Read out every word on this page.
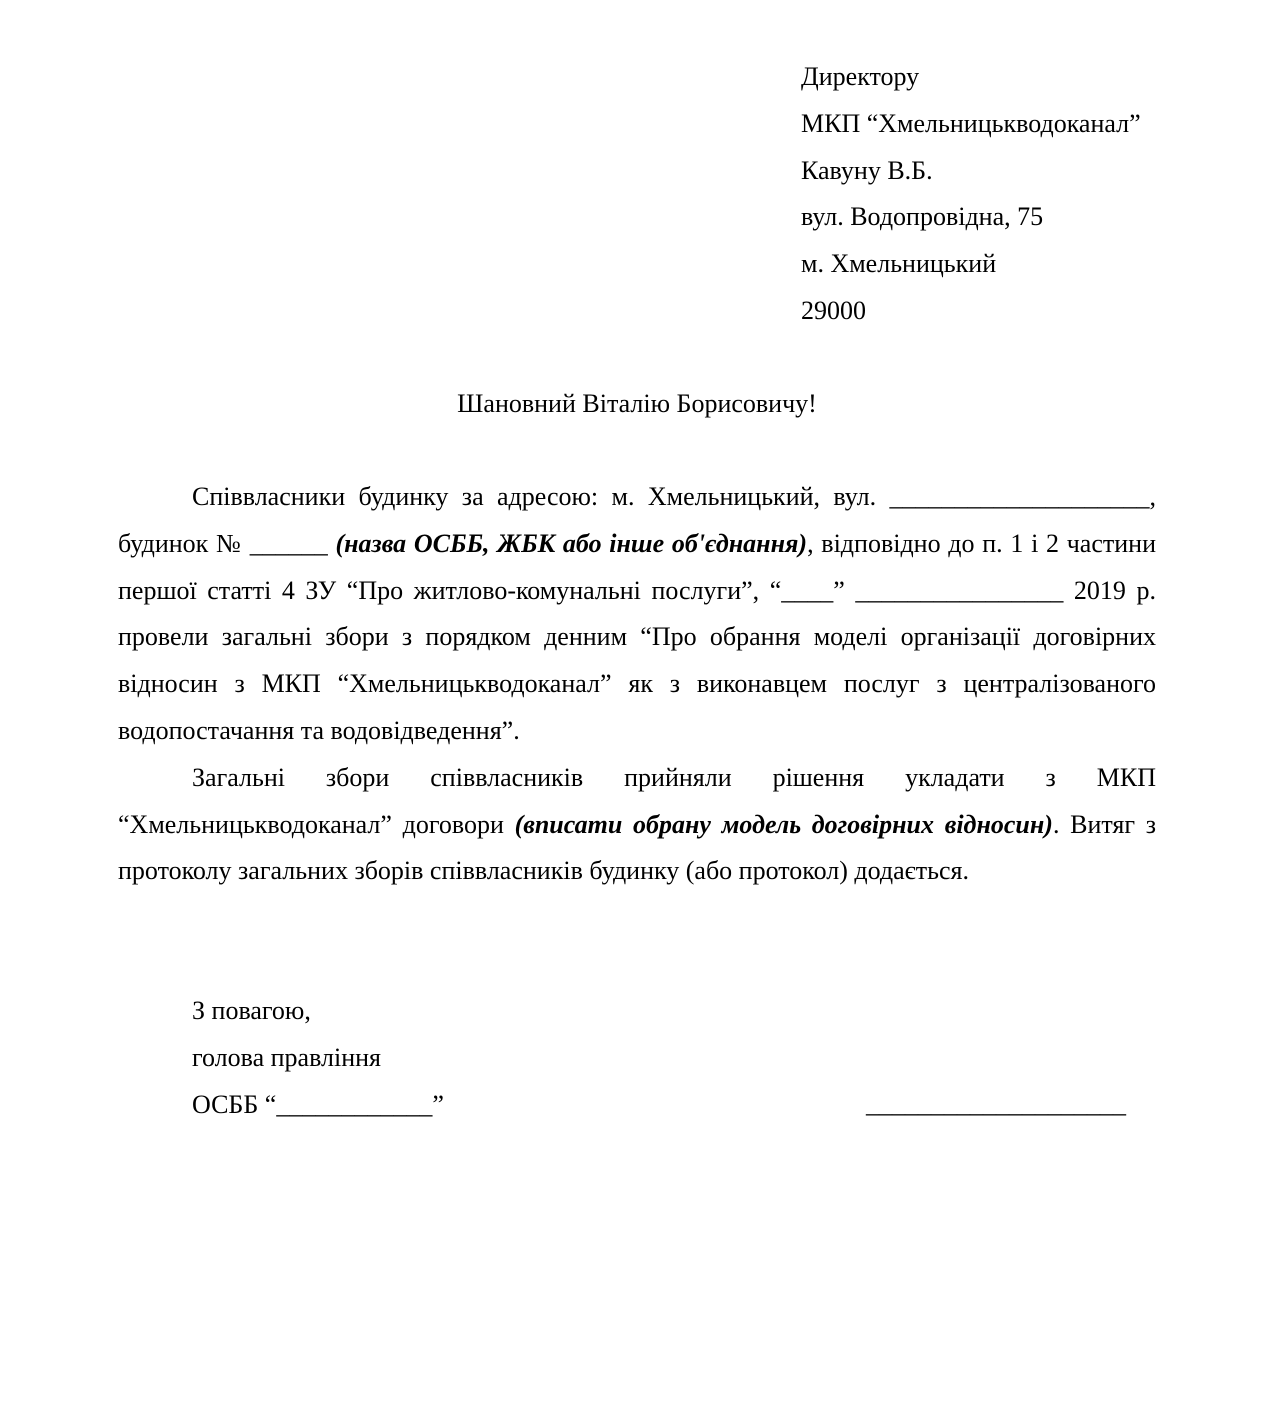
Директору
МКП “Хмельницькводоканал”
Кавуну В.Б.
вул. Водопровідна, 75
м. Хмельницький
29000
Шановний Віталію Борисовичу!

Співвласники будинку за адресою: м. Хмельницький, вул. ____________________, будинок № ______ (назва ОСББ, ЖБК або інше об'єднання), відповідно до п. 1 і 2 частини першої статті 4 ЗУ “Про житлово-комунальні послуги”, “____” ________________ 2019 р. провели загальні збори з порядком денним “Про обрання моделі організації договірних відносин з МКП “Хмельницькводоканал” як з виконавцем послуг з централізованого водопостачання та водовідведення”.

Загальні збори співвласників прийняли рішення укладати з МКП “Хмельницькводоканал” договори (вписати обрану модель договірних відносин). Витяг з протоколу загальних зборів співвласників будинку (або протокол) додається.

З повагою,
голова правління
ОСББ “____________”	____________________
